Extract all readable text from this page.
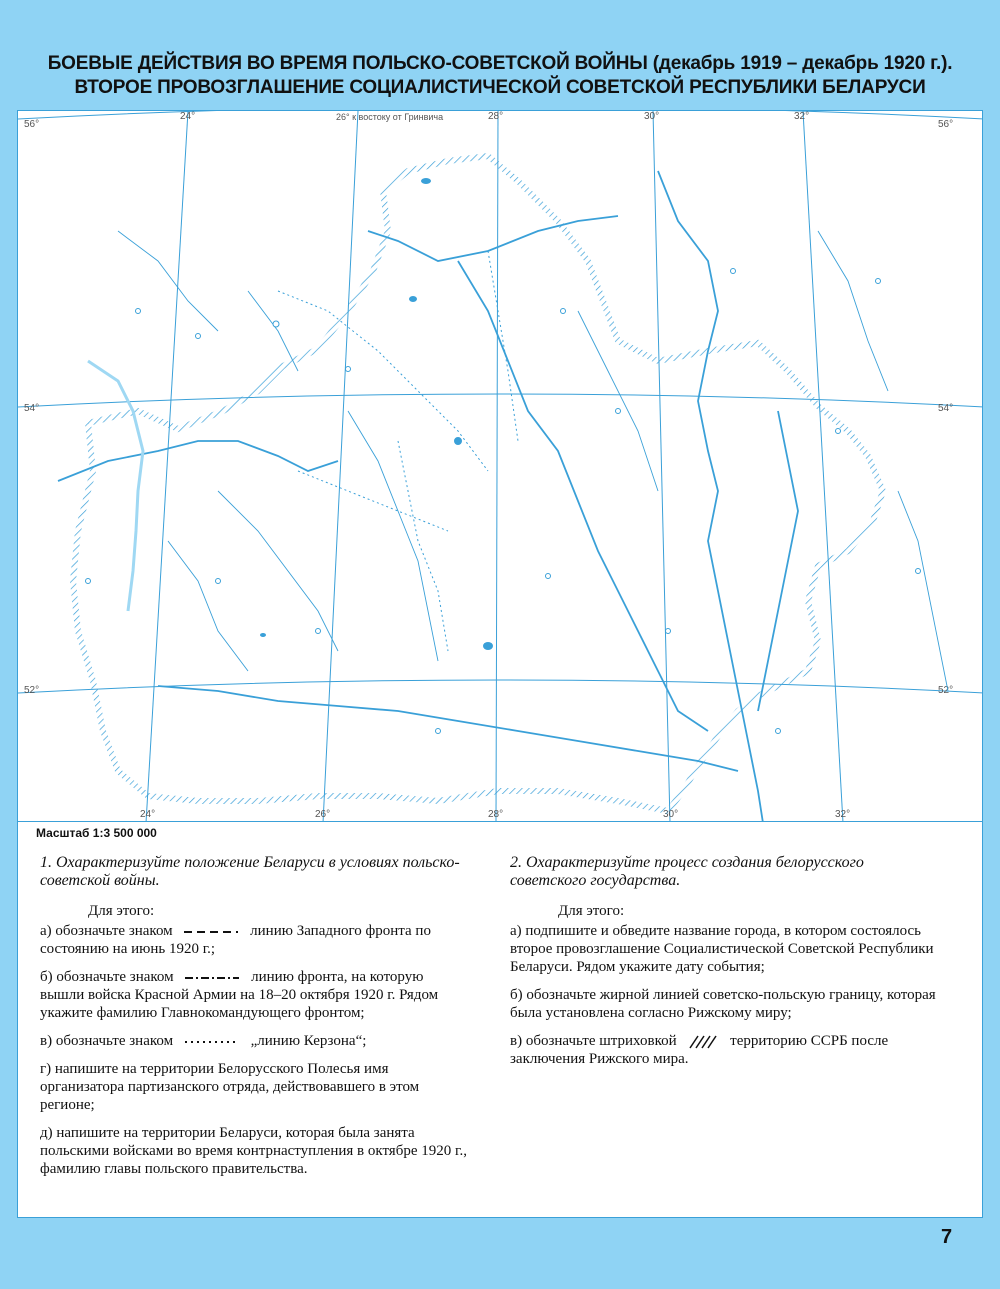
БОЕВЫЕ ДЕЙСТВИЯ ВО ВРЕМЯ ПОЛЬСКО-СОВЕТСКОЙ ВОЙНЫ (декабрь 1919 – декабрь 1920 г.).
ВТОРОЕ ПРОВОЗГЛАШЕНИЕ СОЦИАЛИСТИЧЕСКОЙ СОВЕТСКОЙ РЕСПУБЛИКИ БЕЛАРУСИ
56°	56°
54°	54°
52°	52°
24°
24°	26°
28°
28°
30°
30°
32°
32°
26° к востоку от Гринвича
Масштаб 1:3 500 000
1. Охарактеризуйте положение Беларуси в условиях польско-советской войны.
Для этого:
а) обозначьте знаком	линию Западного фронта по состоянию на июнь 1920 г.;
б) обозначьте знаком	линию фронта, на которую вышли войска Красной Армии на 18–20 октября 1920 г. Рядом укажите фамилию Главнокомандующего фронтом;
в) обозначьте знаком	„линию Керзона“;
г) напишите на территории Белорусского Полесья имя организатора партизанского отряда, действовавшего в этом регионе;
д) напишите на территории Беларуси, которая была занята польскими войсками во время контрнаступления в октябре 1920 г., фамилию главы польского правительства.
2. Охарактеризуйте процесс создания белорусского советского государства.
Для этого:
а) подпишите и обведите название города, в котором состоялось второе провозглашение Социалистической Советской Республики Беларуси. Рядом укажите дату события;
б) обозначьте жирной линией советско-польскую границу, которая была установлена согласно Рижскому миру;
в) обозначьте штриховкой	территорию ССРБ после заключения Рижского мира.
7
